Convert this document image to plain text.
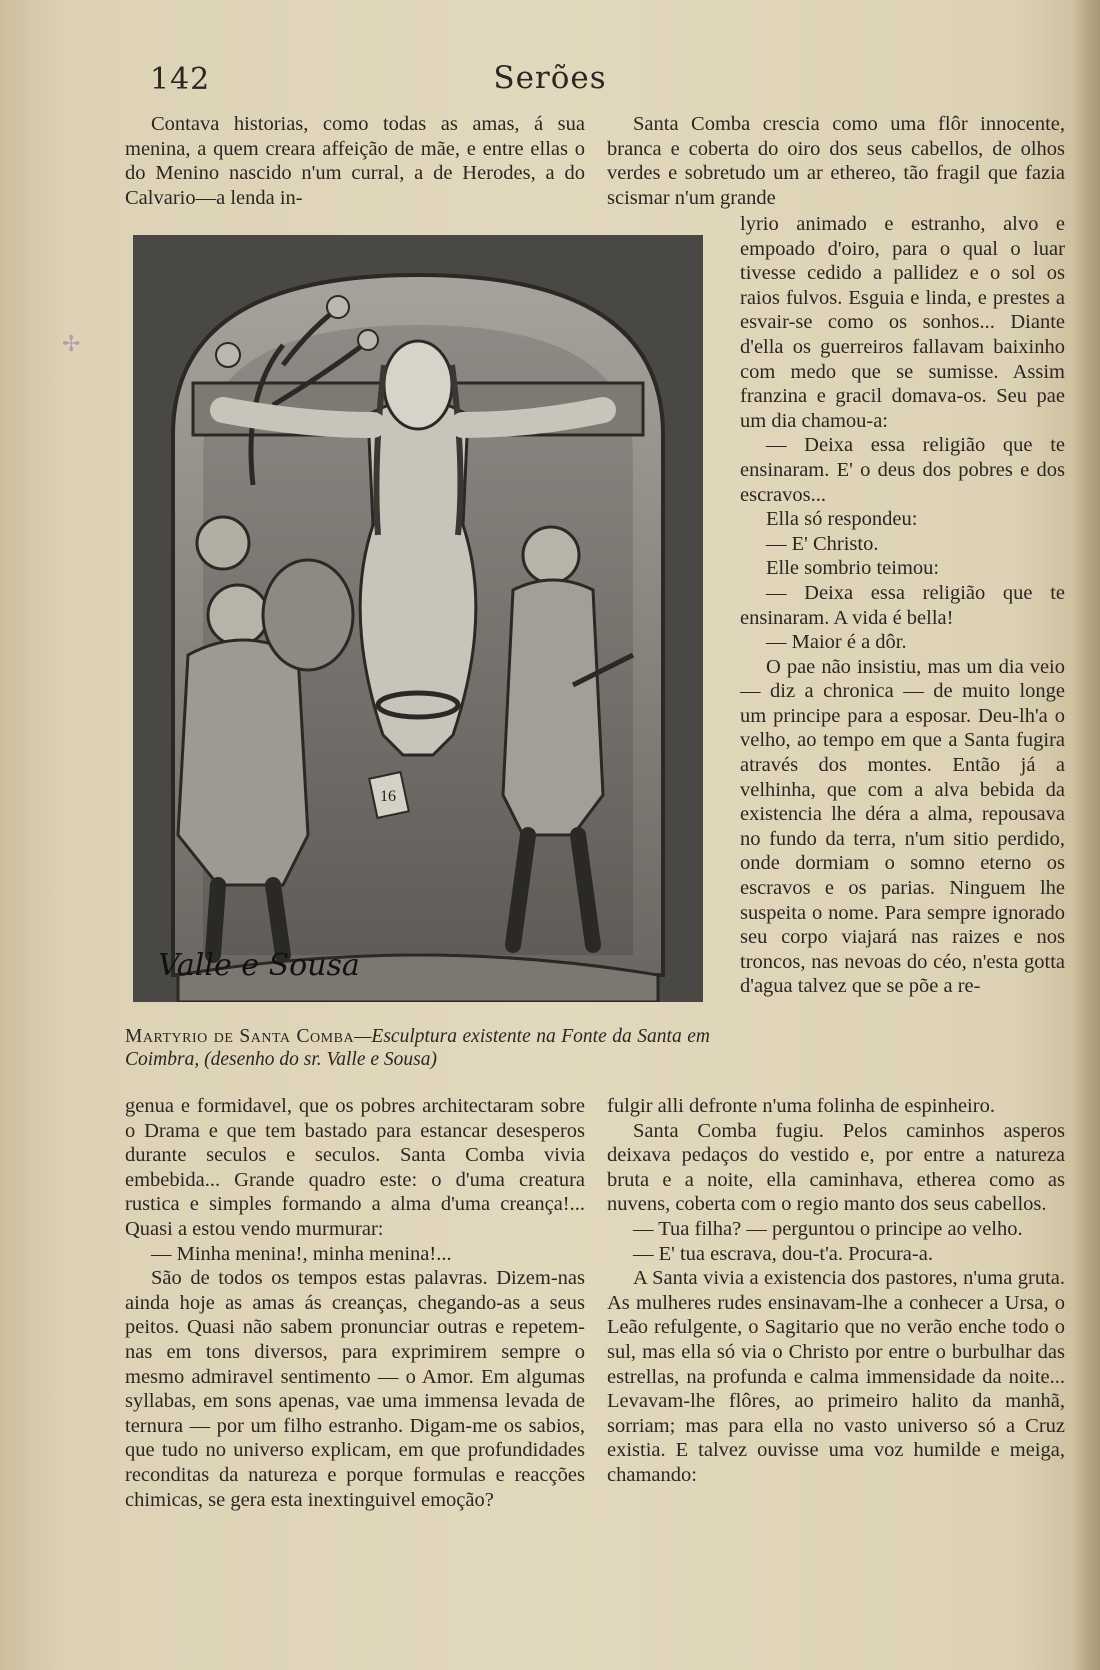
142	Serões
✢

Contava historias, como todas as amas, á sua menina, a quem creara affeição de mãe, e entre ellas o do Menino nascido n'um curral, a de Herodes, a do Calvario—a lenda in-

Santa Comba crescia como uma flôr innocente, branca e coberta do oiro dos seus cabellos, de olhos verdes e sobretudo um ar ethereo, tão fragil que fazia scismar n'um grande

lyrio animado e estranho, alvo e empoado d'oiro, para o qual o luar tivesse cedido a pallidez e o sol os raios fulvos. Esguia e linda, e prestes a esvair-se como os sonhos... Diante d'ella os guerreiros fallavam baixinho com medo que se sumisse. Assim franzina e gracil domava-os. Seu pae um dia chamou-a:

— Deixa essa religião que te ensinaram. E' o deus dos pobres e dos escravos...

Ella só respondeu:

— E' Christo.

Elle sombrio teimou:

— Deixa essa religião que te ensinaram. A vida é bella!

— Maior é a dôr.

O pae não insistiu, mas um dia veio — diz a chronica — de muito longe um principe para a esposar. Deu-lh'a o velho, ao tempo em que a Santa fugira através dos montes. Então já a velhinha, que com a alva bebida da existencia lhe déra a alma, repousava no fundo da terra, n'um sitio perdido, onde dormiam o somno eterno os escravos e os parias. Ninguem lhe suspeita o nome. Para sempre ignorado seu corpo viajará nas raizes e nos troncos, nas nevoas do céo, n'esta gotta d'agua talvez que se põe a re-

16
Valle e Sousa
Martyrio de Santa Comba—Esculptura existente na Fonte da Santa em Coimbra, (desenho do sr. Valle e Sousa)

genua e formidavel, que os pobres architectaram sobre o Drama e que tem bastado para estancar desesperos durante seculos e seculos. Santa Comba vivia embebida... Grande quadro este: o d'uma creatura rustica e simples formando a alma d'uma creança!... Quasi a estou vendo murmurar:

— Minha menina!, minha menina!...

São de todos os tempos estas palavras. Dizem-nas ainda hoje as amas ás creanças, chegando-as a seus peitos. Quasi não sabem pronunciar outras e repetem-nas em tons diversos, para exprimirem sempre o mesmo admiravel sentimento — o Amor. Em algumas syllabas, em sons apenas, vae uma immensa levada de ternura — por um filho estranho. Digam-me os sabios, que tudo no universo explicam, em que profundidades reconditas da natureza e porque formulas e reacções chimicas, se gera esta inextinguivel emoção?

fulgir alli defronte n'uma folinha de espinheiro.

Santa Comba fugiu. Pelos caminhos asperos deixava pedaços do vestido e, por entre a natureza bruta e a noite, ella caminhava, etherea como as nuvens, coberta com o regio manto dos seus cabellos.

— Tua filha? — perguntou o principe ao velho.

— E' tua escrava, dou-t'a. Procura-a.

A Santa vivia a existencia dos pastores, n'uma gruta. As mulheres rudes ensinavam-lhe a conhecer a Ursa, o Leão refulgente, o Sagitario que no verão enche todo o sul, mas ella só via o Christo por entre o burbulhar das estrellas, na profunda e calma immensidade da noite... Levavam-lhe flôres, ao primeiro halito da manhã, sorriam; mas para ella no vasto universo só a Cruz existia. E talvez ouvisse uma voz humilde e meiga, chamando:
